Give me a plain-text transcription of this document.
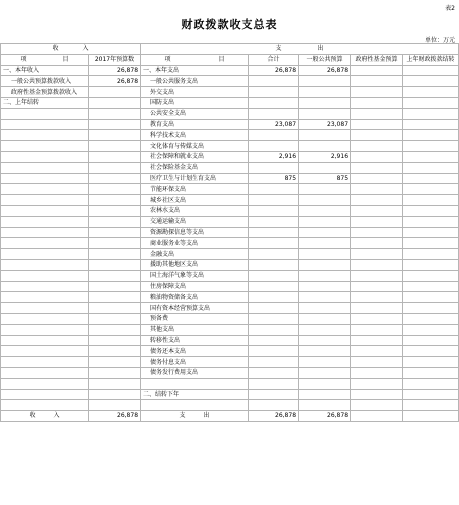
表2
财政拨款收支总表
单位：万元
收　　　　入		支　　　　　　出				
项　　　　　　目	2017年预算数	项　　　　　　　　目	合计	一般公共预算	政府性基金预算	上年财政拨款结转
一、本年收入	26,878	一、本年支出	26,878	26,878		
一般公共预算拨款收入	26,878	一般公共服务支出				
政府性基金预算拨款收入		外交支出				
二、上年结转		国防支出				
		公共安全支出				
		教育支出	23,087	23,087		
		科学技术支出				
		文化体育与传媒支出				
		社会保障和就业支出	2,916	2,916		
		社会保险基金支出				
		医疗卫生与计划生育支出	875	875		
		节能环保支出				
		城乡社区支出				
		农林水支出				
		交通运输支出				
		资源勘探信息等支出				
		商业服务业等支出				
		金融支出				
		援助其他地区支出				
		国土海洋气象等支出				
		住房保障支出				
		粮油物资储备支出				
		国有资本经营预算支出				
		预备费				
		其他支出				
		转移性支出				
		债务还本支出				
		债务付息支出				
		债务发行费用支出				

		二、结转下年				

收　　　入	26,878	支　　　出	26,878	26,878		
